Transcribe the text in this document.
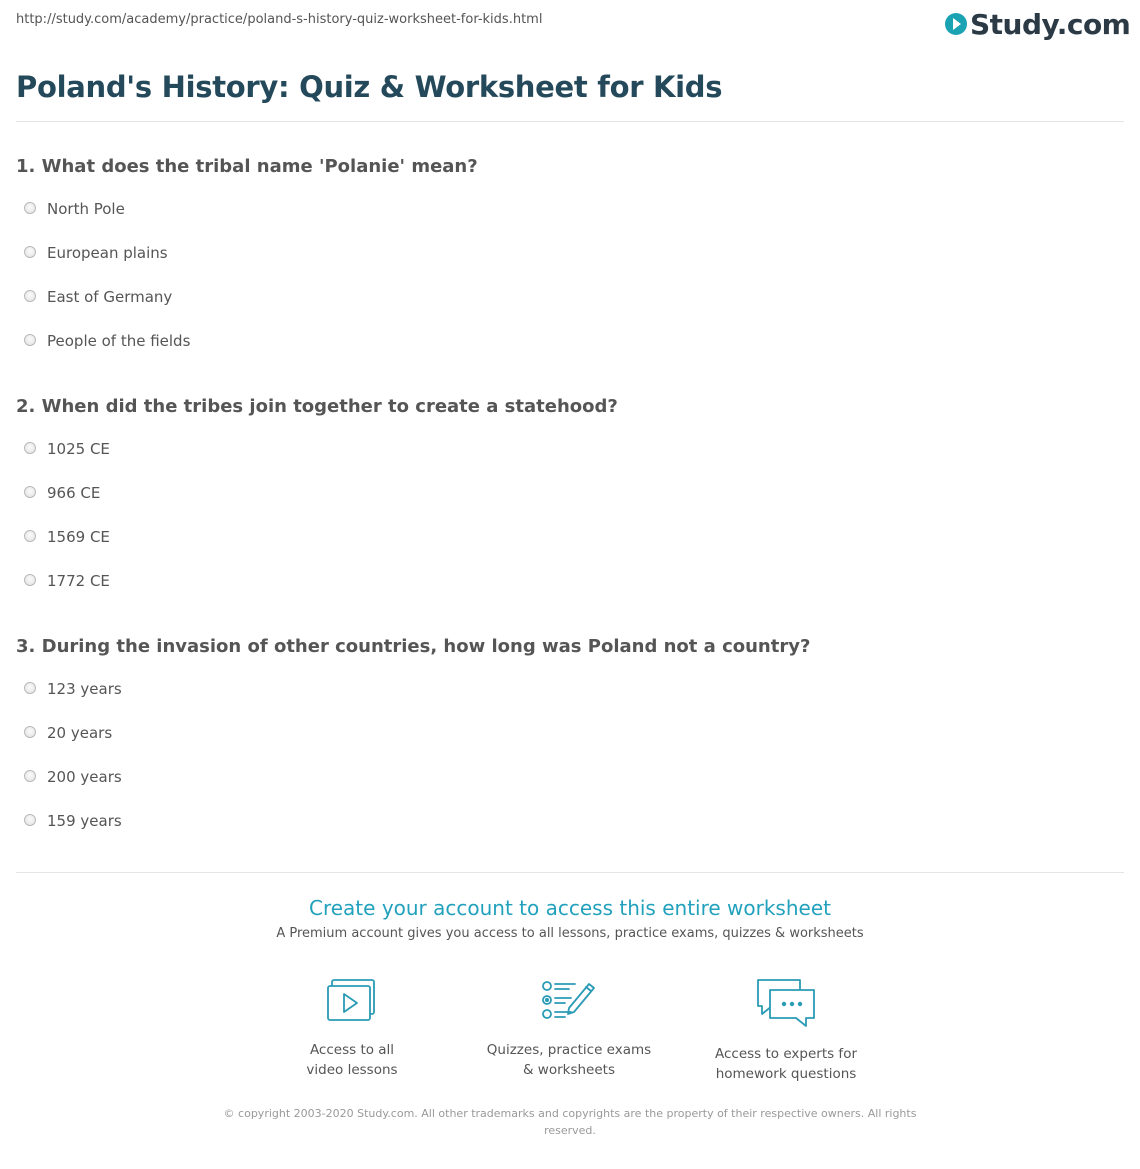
http://study.com/academy/practice/poland-s-history-quiz-worksheet-for-kids.html	Study.com
Poland's History: Quiz & Worksheet for Kids
1. What does the tribal name 'Polanie' mean?
North Pole
European plains
East of Germany
People of the fields
2. When did the tribes join together to create a statehood?
1025 CE
966 CE
1569 CE
1772 CE
3. During the invasion of other countries, how long was Poland not a country?
123 years
20 years
200 years
159 years
Create your account to access this entire worksheet
A Premium account gives you access to all lessons, practice exams, quizzes & worksheets
Access to all
video lessons
Quizzes, practice exams
& worksheets
Access to experts for
homework questions
© copyright 2003-2020 Study.com. All other trademarks and copyrights are the property of their respective owners. All rights
reserved.
